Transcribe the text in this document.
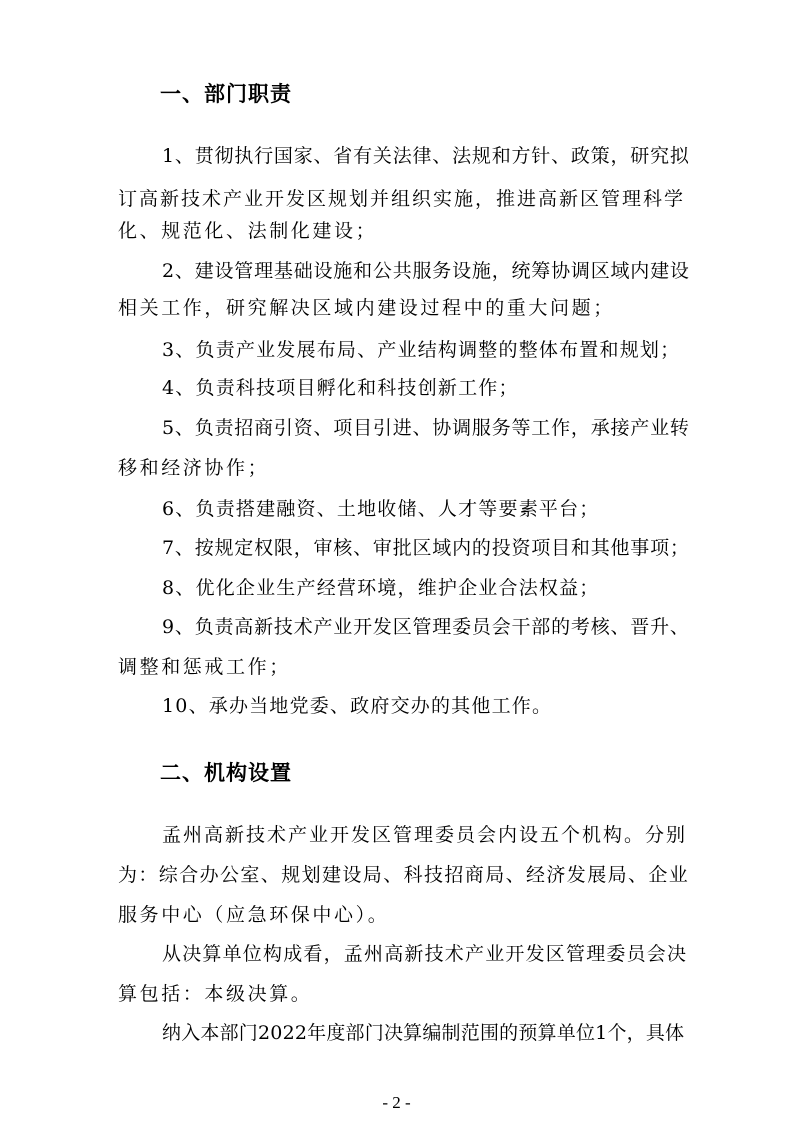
一、部门职责
1、贯彻执行国家、省有关法律、法规和方针、政策，研究拟
订高新技术产业开发区规划并组织实施，推进高新区管理科学
化、规范化、法制化建设；
2、建设管理基础设施和公共服务设施，统筹协调区域内建设
相关工作，研究解决区域内建设过程中的重大问题；
3、负责产业发展布局、产业结构调整的整体布置和规划；
4、负责科技项目孵化和科技创新工作；
5、负责招商引资、项目引进、协调服务等工作，承接产业转
移和经济协作；
6、负责搭建融资、土地收储、人才等要素平台；
7、按规定权限，审核、审批区域内的投资项目和其他事项；
8、优化企业生产经营环境，维护企业合法权益；
9、负责高新技术产业开发区管理委员会干部的考核、晋升、
调整和惩戒工作；
10、承办当地党委、政府交办的其他工作。
二、机构设置
孟州高新技术产业开发区管理委员会内设五个机构。分别
为：综合办公室、规划建设局、科技招商局、经济发展局、企业
服务中心（应急环保中心）。
从决算单位构成看，孟州高新技术产业开发区管理委员会决
算包括：本级决算。
纳入本部门2022年度部门决算编制范围的预算单位1个，具体
- 2 -
